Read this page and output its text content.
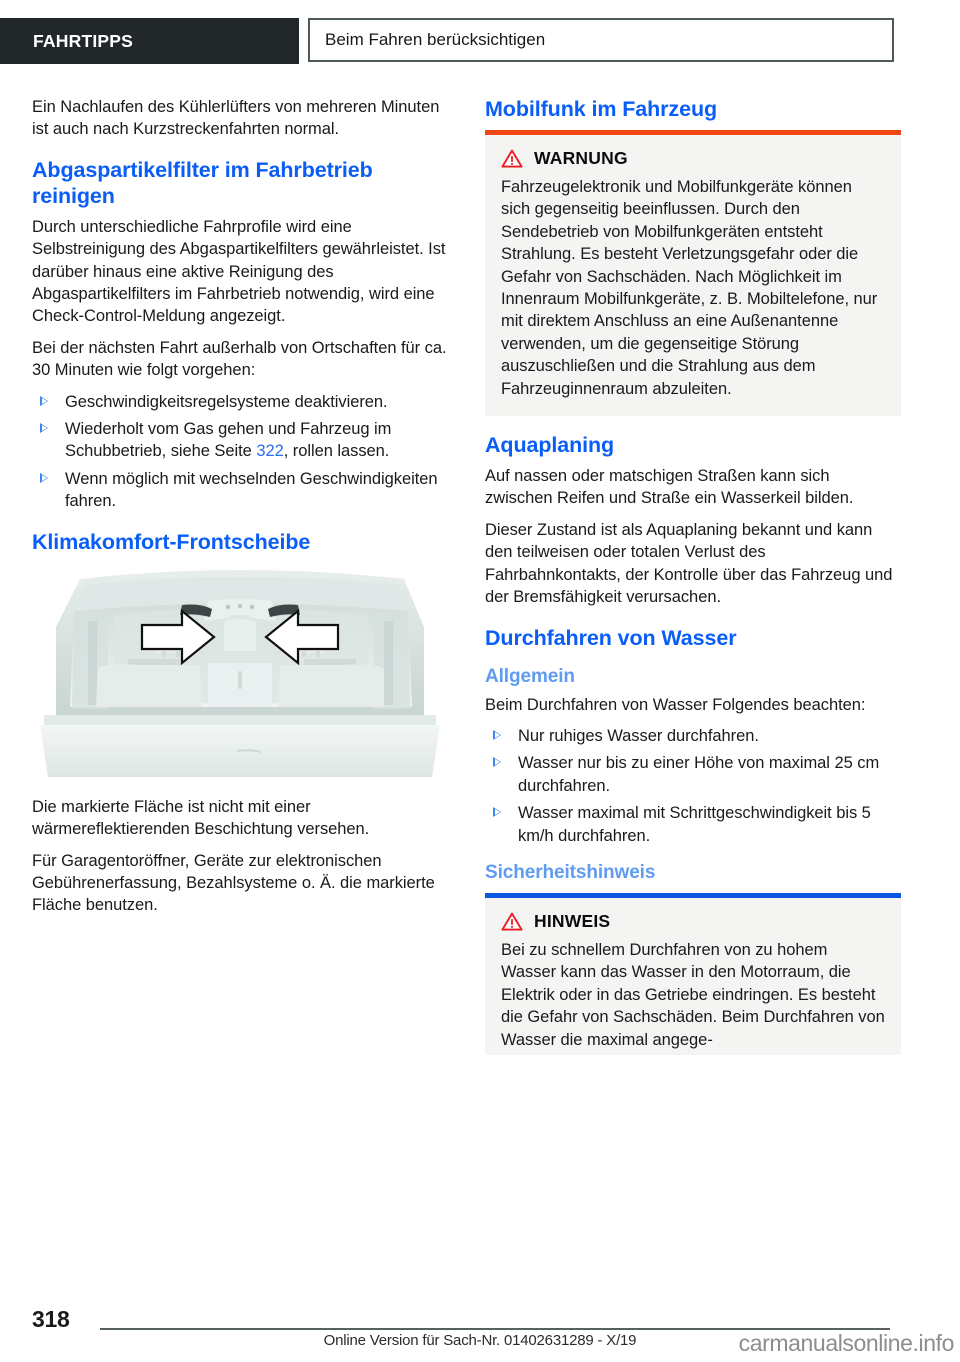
FAHRTIPPS	Beim Fahren berücksichtigen

Ein Nachlaufen des Kühlerlüfters von mehreren Minuten ist auch nach Kurzstreckenfahrten normal.

Abgaspartikelfilter im Fahrbetrieb reinigen

Durch unterschiedliche Fahrprofile wird eine Selbstreinigung des Abgaspartikelfilters gewährleistet. Ist darüber hinaus eine aktive Reinigung des Abgaspartikelfilters im Fahrbetrieb notwendig, wird eine Check-Control-Meldung angezeigt.

Bei der nächsten Fahrt außerhalb von Ortschaften für ca. 30 Minuten wie folgt vorgehen:

Geschwindigkeitsregelsysteme deaktivieren.
Wiederholt vom Gas gehen und Fahrzeug im Schubbetrieb, siehe Seite 322, rollen lassen.
Wenn möglich mit wechselnden Geschwindigkeiten fahren.
Klimakomfort-Frontscheibe

Die markierte Fläche ist nicht mit einer wärmereflektierenden Beschichtung versehen.

Für Garagentoröffner, Geräte zur elektronischen Gebührenerfassung, Bezahlsysteme o. Ä. die markierte Fläche benutzen.

Mobilfunk im Fahrzeug
WARNUNG

Fahrzeugelektronik und Mobilfunkgeräte können sich gegenseitig beeinflussen. Durch den Sendebetrieb von Mobilfunkgeräten entsteht Strahlung. Es besteht Verletzungsgefahr oder die Gefahr von Sachschäden. Nach Möglichkeit im Innenraum Mobilfunkgeräte, z. B. Mobiltelefone, nur mit direktem Anschluss an eine Außenantenne verwenden, um die gegenseitige Störung auszuschließen und die Strahlung aus dem Fahrzeuginnenraum abzuleiten.

Aquaplaning

Auf nassen oder matschigen Straßen kann sich zwischen Reifen und Straße ein Wasserkeil bilden.

Dieser Zustand ist als Aquaplaning bekannt und kann den teilweisen oder totalen Verlust des Fahrbahnkontakts, der Kontrolle über das Fahrzeug und der Bremsfähigkeit verursachen.

Durchfahren von Wasser
Allgemein

Beim Durchfahren von Wasser Folgendes beachten:

Nur ruhiges Wasser durchfahren.
Wasser nur bis zu einer Höhe von maximal 25 cm durchfahren.
Wasser maximal mit Schrittgeschwindigkeit bis 5 km/h durchfahren.
Sicherheitshinweis
HINWEIS

Bei zu schnellem Durchfahren von zu hohem Wasser kann das Wasser in den Motorraum, die Elektrik oder in das Getriebe eindringen. Es besteht die Gefahr von Sachschäden. Beim Durchfahren von Wasser die maximal angege-

318
Online Version für Sach-Nr. 01402631289 - X/19	carmanualsonline.info
